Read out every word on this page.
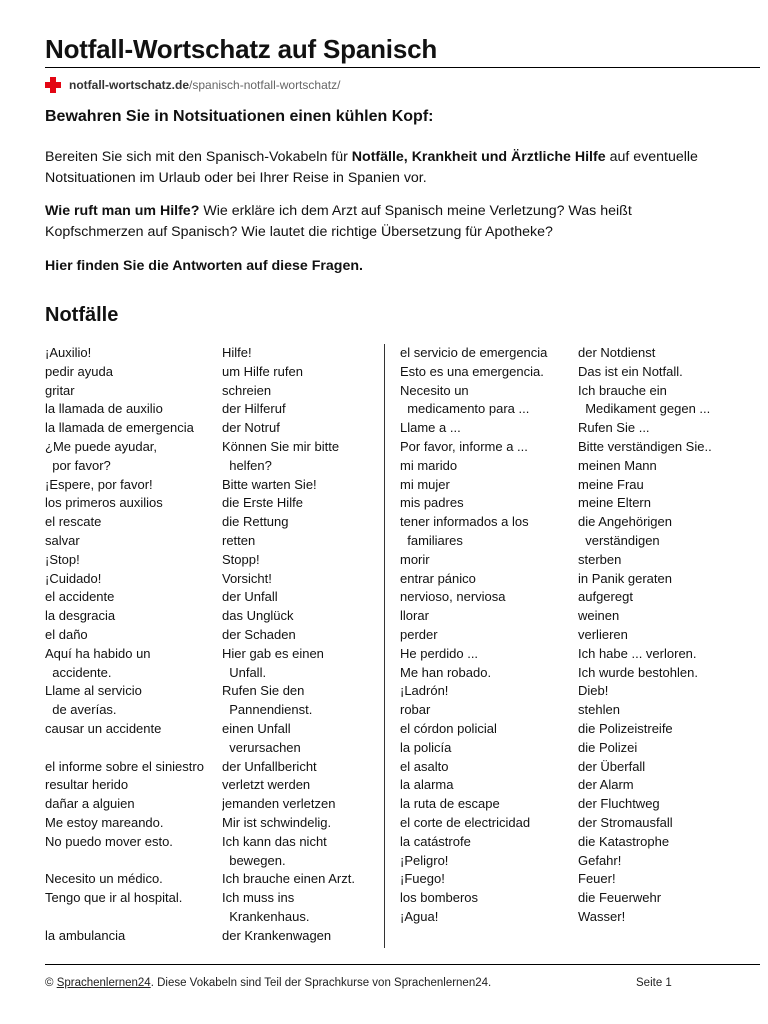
Notfall-Wortschatz auf Spanisch
notfall-wortschatz.de/spanisch-notfall-wortschatz/
Bewahren Sie in Notsituationen einen kühlen Kopf:

Bereiten Sie sich mit den Spanisch-Vokabeln für Notfälle, Krankheit und Ärztliche Hilfe auf eventuelle Notsituationen im Urlaub oder bei Ihrer Reise in Spanien vor.

Wie ruft man um Hilfe? Wie erkläre ich dem Arzt auf Spanisch meine Verletzung? Was heißt Kopfschmerzen auf Spanisch? Wie lautet die richtige Übersetzung für Apotheke?

Hier finden Sie die Antworten auf diese Fragen.

Notfälle
¡Auxilio!	Hilfe!
pedir ayuda	um Hilfe rufen
gritar	schreien
la llamada de auxilio	der Hilferuf
la llamada de emergencia	der Notruf
¿Me puede ayudar,	Können Sie mir bitte
por favor?	helfen?
¡Espere, por favor!	Bitte warten Sie!
los primeros auxilios	die Erste Hilfe
el rescate	die Rettung
salvar	retten
¡Stop!	Stopp!
¡Cuidado!	Vorsicht!
el accidente	der Unfall
la desgracia	das Unglück
el daño	der Schaden
Aquí ha habido un	Hier gab es einen
accidente.	Unfall.
Llame al servicio	Rufen Sie den
de averías.	Pannendienst.
causar un accidente	einen Unfall
verursachen
el informe sobre el siniestro	der Unfallbericht
resultar herido	verletzt werden
dañar a alguien	jemanden verletzen
Me estoy mareando.	Mir ist schwindelig.
No puedo mover esto.	Ich kann das nicht
bewegen.
Necesito un médico.	Ich brauche einen Arzt.
Tengo que ir al hospital.	Ich muss ins
Krankenhaus.
la ambulancia	der Krankenwagen
el servicio de emergencia	der Notdienst
Esto es una emergencia.	Das ist ein Notfall.
Necesito un	Ich brauche ein
medicamento para ...	Medikament gegen ...
Llame a ...	Rufen Sie ...
Por favor, informe a ...	Bitte verständigen Sie..
mi marido	meinen Mann
mi mujer	meine Frau
mis padres	meine Eltern
tener informados a los	die Angehörigen
familiares	verständigen
morir	sterben
entrar pánico	in Panik geraten
nervioso, nerviosa	aufgeregt
llorar	weinen
perder	verlieren
He perdido ...	Ich habe ... verloren.
Me han robado.	Ich wurde bestohlen.
¡Ladrón!	Dieb!
robar	stehlen
el córdon policial	die Polizeistreife
la policía	die Polizei
el asalto	der Überfall
la alarma	der Alarm
la ruta de escape	der Fluchtweg
el corte de electricidad	der Stromausfall
la catástrofe	die Katastrophe
¡Peligro!	Gefahr!
¡Fuego!	Feuer!
los bomberos	die Feuerwehr
¡Agua!	Wasser!
© Sprachenlernen24. Diese Vokabeln sind Teil der Sprachkurse von Sprachenlernen24.	Seite 1
